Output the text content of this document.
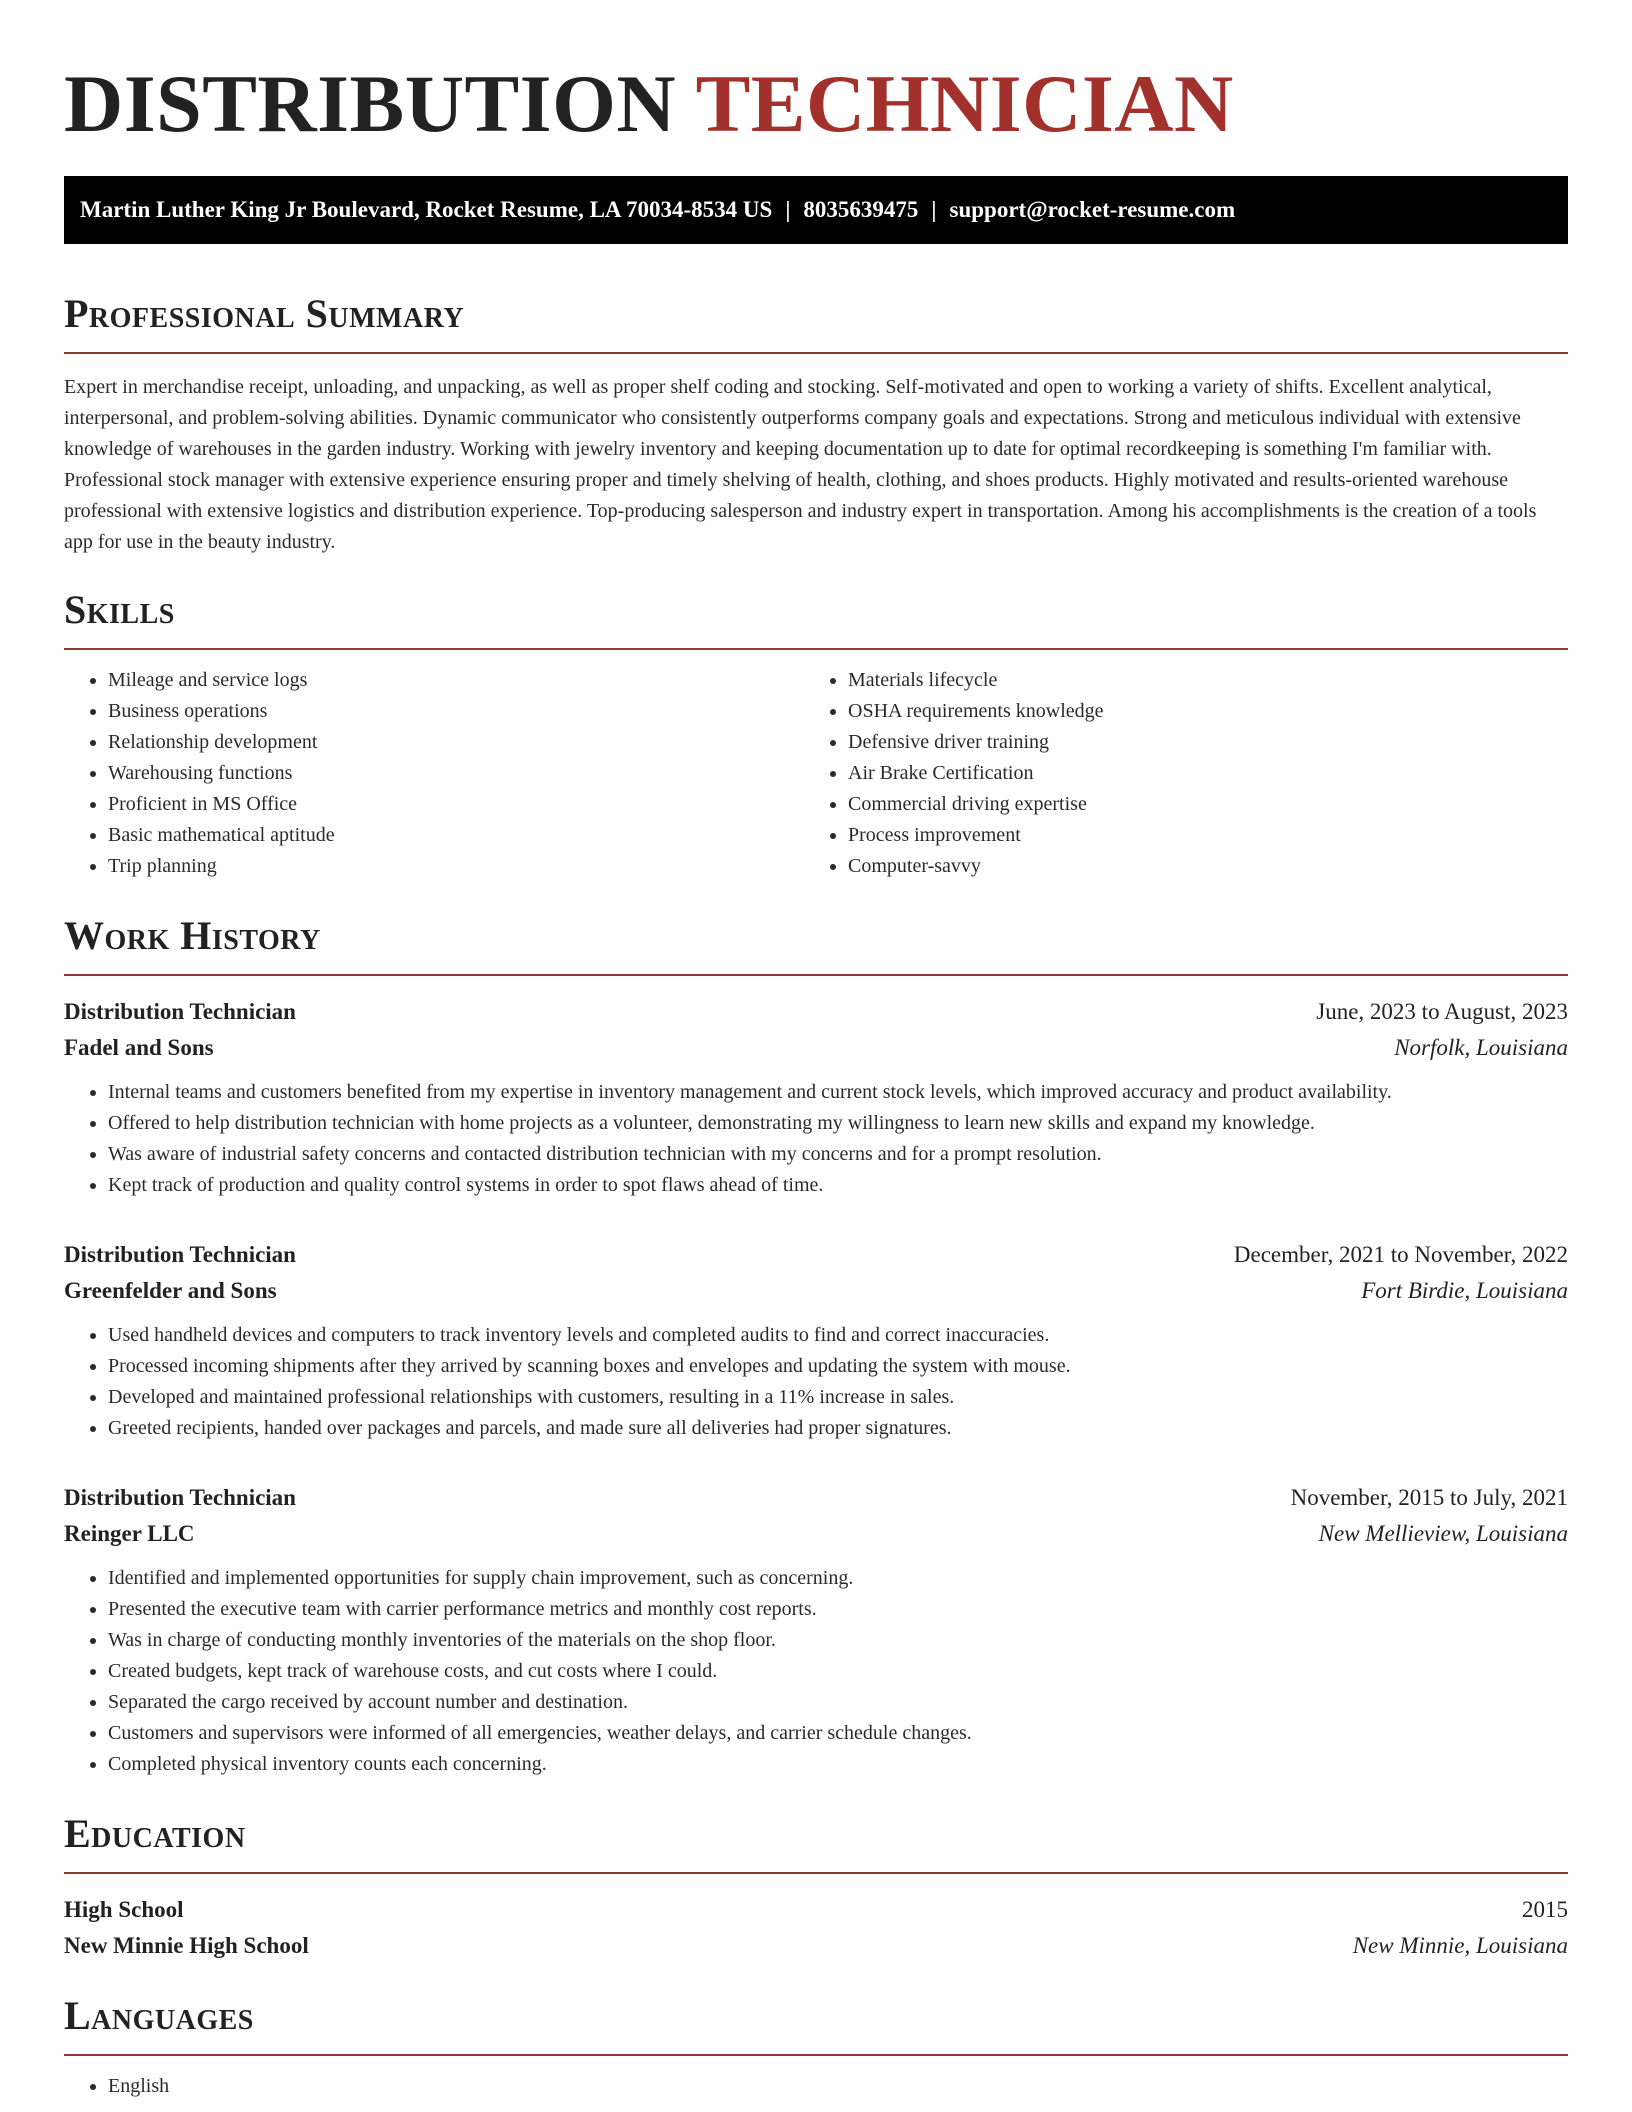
DISTRIBUTION TECHNICIAN
Martin Luther King Jr Boulevard, Rocket Resume, LA 70034-8534 US | 8035639475 | support@rocket-resume.com
Professional Summary

Expert in merchandise receipt, unloading, and unpacking, as well as proper shelf coding and stocking. Self-motivated and open to working a variety of shifts. Excellent analytical, interpersonal, and problem-solving abilities. Dynamic communicator who consistently outperforms company goals and expectations. Strong and meticulous individual with extensive knowledge of warehouses in the garden industry. Working with jewelry inventory and keeping documentation up to date for optimal recordkeeping is something I'm familiar with. Professional stock manager with extensive experience ensuring proper and timely shelving of health, clothing, and shoes products. Highly motivated and results-oriented warehouse professional with extensive logistics and distribution experience. Top-producing salesperson and industry expert in transportation. Among his accomplishments is the creation of a tools app for use in the beauty industry.

Skills
• Mileage and service logs
• Business operations
• Relationship development
• Warehousing functions
• Proficient in MS Office
• Basic mathematical aptitude
• Trip planning
• Materials lifecycle
• OSHA requirements knowledge
• Defensive driver training
• Air Brake Certification
• Commercial driving expertise
• Process improvement
• Computer-savvy
Work History
Distribution Technician	June, 2023 to August, 2023
Fadel and Sons	Norfolk, Louisiana
• Internal teams and customers benefited from my expertise in inventory management and current stock levels, which improved accuracy and product availability.
• Offered to help distribution technician with home projects as a volunteer, demonstrating my willingness to learn new skills and expand my knowledge.
• Was aware of industrial safety concerns and contacted distribution technician with my concerns and for a prompt resolution.
• Kept track of production and quality control systems in order to spot flaws ahead of time.
Distribution Technician	December, 2021 to November, 2022
Greenfelder and Sons	Fort Birdie, Louisiana
• Used handheld devices and computers to track inventory levels and completed audits to find and correct inaccuracies.
• Processed incoming shipments after they arrived by scanning boxes and envelopes and updating the system with mouse.
• Developed and maintained professional relationships with customers, resulting in a 11% increase in sales.
• Greeted recipients, handed over packages and parcels, and made sure all deliveries had proper signatures.
Distribution Technician	November, 2015 to July, 2021
Reinger LLC	New Mellieview, Louisiana
• Identified and implemented opportunities for supply chain improvement, such as concerning.
• Presented the executive team with carrier performance metrics and monthly cost reports.
• Was in charge of conducting monthly inventories of the materials on the shop floor.
• Created budgets, kept track of warehouse costs, and cut costs where I could.
• Separated the cargo received by account number and destination.
• Customers and supervisors were informed of all emergencies, weather delays, and carrier schedule changes.
• Completed physical inventory counts each concerning.
Education
High School	2015
New Minnie High School	New Minnie, Louisiana
Languages
• English
